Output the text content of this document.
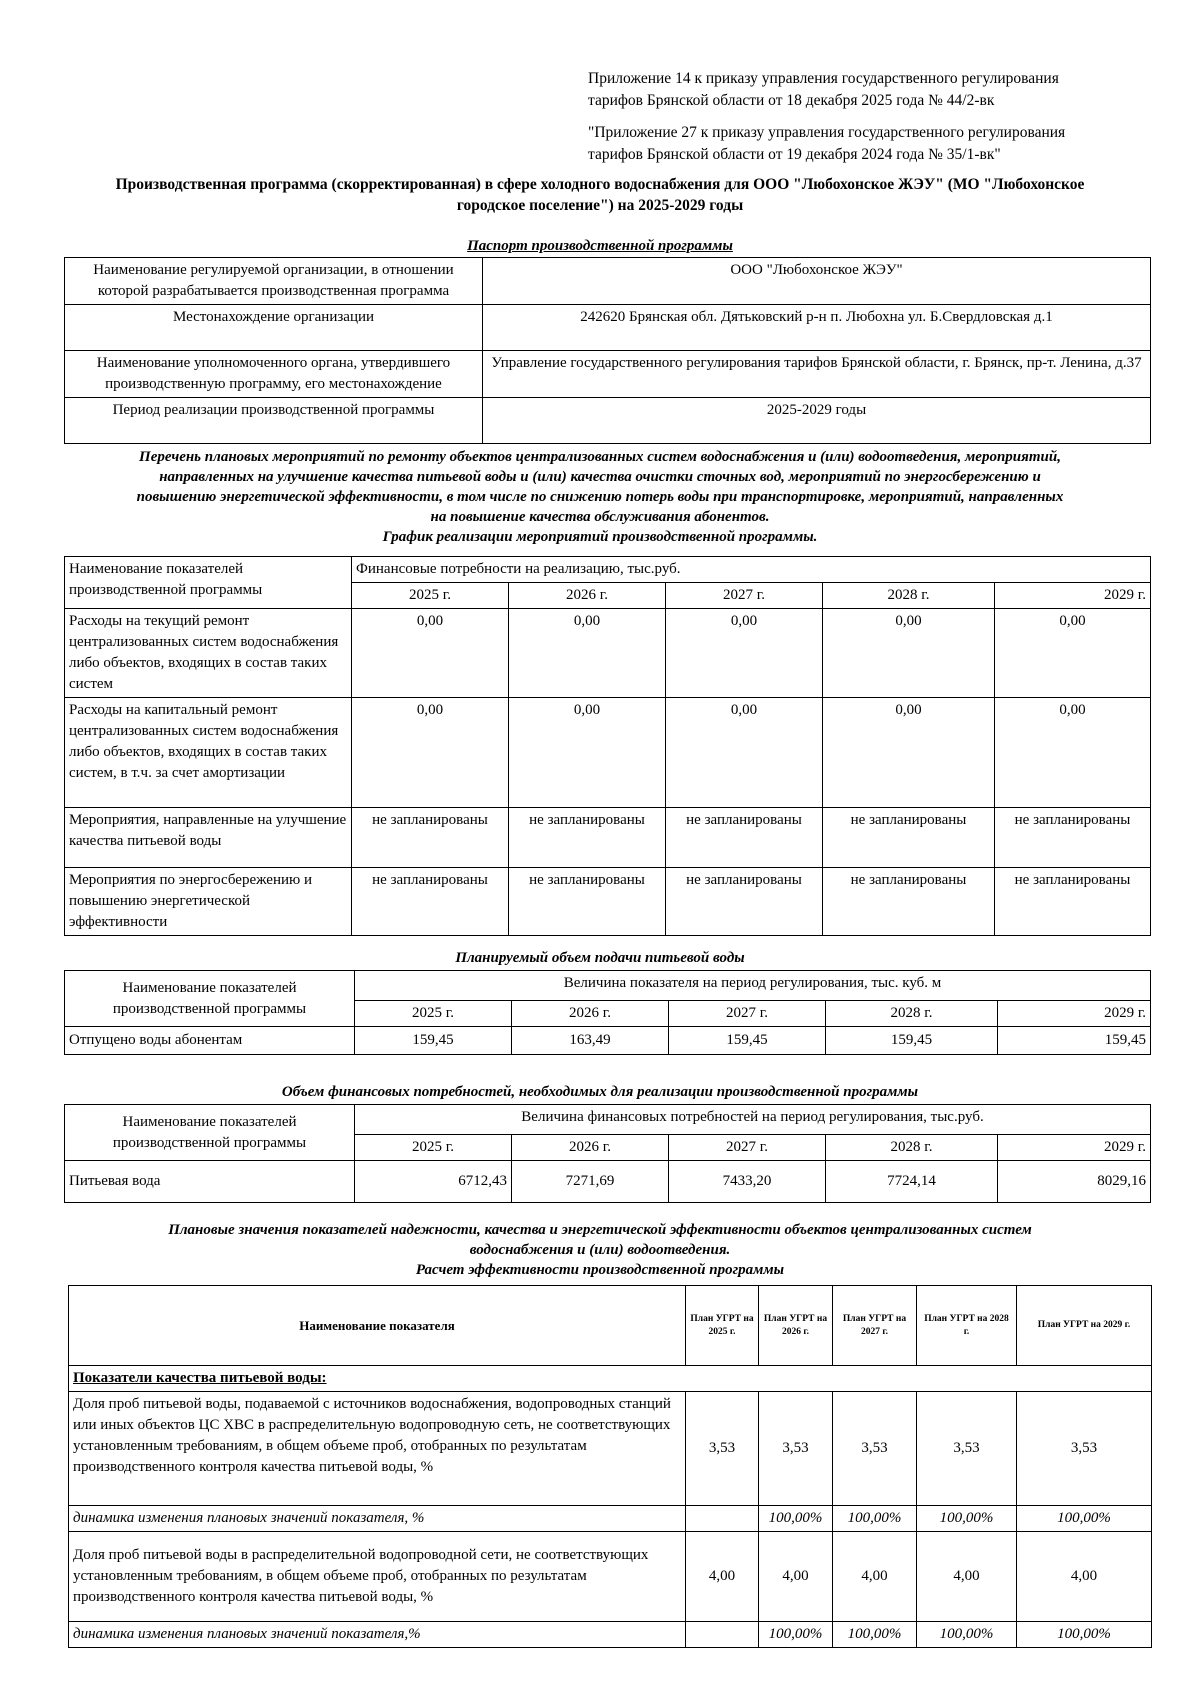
Приложение 14 к приказу управления государственного регулирования
тарифов Брянской области от 18 декабря 2025 года № 44/2-вк
"Приложение 27 к приказу управления государственного регулирования
тарифов Брянской области от 19 декабря 2024 года № 35/1-вк"
Производственная программа (скорректированная) в сфере холодного водоснабжения для ООО "Любохонское ЖЭУ" (МО "Любохонское
городское поселение") на 2025-2029 годы
Паспорт производственной программы
Наименование регулируемой организации, в отношении которой разрабатывается производственная программа	ООО "Любохонское ЖЭУ"
Местонахождение организации	242620 Брянская обл. Дятьковский р-н п. Любохна ул. Б.Свердловская д.1
Наименование уполномоченного органа, утвердившего производственную программу, его местонахождение	Управление государственного регулирования тарифов Брянской области, г. Брянск, пр-т. Ленина, д.37
Период реализации производственной программы	2025-2029 годы
Перечень плановых мероприятий по ремонту объектов централизованных систем водоснабжения и (или) водоотведения, мероприятий,
направленных на улучшение качества питьевой воды и (или) качества очистки сточных вод, мероприятий по энергосбережению и
повышению энергетической эффективности, в том числе по снижению потерь воды при транспортировке, мероприятий, направленных
на повышение качества обслуживания абонентов.
График реализации мероприятий производственной программы.
Наименование показателей производственной программы	Финансовые потребности на реализацию, тыс.руб.				
	2025 г.	2026 г.	2027 г.	2028 г.	2029 г.
Расходы на текущий ремонт централизованных систем водоснабжения либо объектов, входящих в состав таких систем	0,00	0,00	0,00	0,00	0,00
Расходы на капитальный ремонт централизованных систем водоснабжения либо объектов, входящих в состав таких систем, в т.ч. за счет амортизации	0,00	0,00	0,00	0,00	0,00
Мероприятия, направленные на улучшение качества питьевой воды	не запланированы	не запланированы	не запланированы	не запланированы	не запланированы
Мероприятия по энергосбережению и повышению энергетической эффективности	не запланированы	не запланированы	не запланированы	не запланированы	не запланированы
Планируемый объем подачи питьевой воды
Наименование показателей производственной программы	Величина показателя на период регулирования, тыс. куб. м				
	2025 г.	2026 г.	2027 г.	2028 г.	2029 г.
Отпущено воды абонентам	159,45	163,49	159,45	159,45	159,45
Объем финансовых потребностей, необходимых для реализации производственной программы
Наименование показателей производственной программы	Величина финансовых потребностей на период регулирования, тыс.руб.				
	2025 г.	2026 г.	2027 г.	2028 г.	2029 г.
Питьевая вода	6712,43	7271,69	7433,20	7724,14	8029,16
Плановые значения показателей надежности, качества и энергетической эффективности объектов централизованных систем
водоснабжения и (или) водоотведения.
Расчет эффективности производственной программы
Наименование показателя	План УГРТ на 2025 г.	План УГРТ на 2026 г.	План УГРТ на 2027 г.	План УГРТ на 2028 г.	План УГРТ на 2029 г.
Показатели качества питьевой воды:					
Доля проб питьевой воды, подаваемой с источников водоснабжения, водопроводных станций или иных объектов ЦС ХВС в распределительную водопроводную сеть, не соответствующих установленным требованиям, в общем объеме проб, отобранных по результатам производственного контроля качества питьевой воды, %	3,53	3,53	3,53	3,53	3,53
динамика изменения плановых значений показателя, %		100,00%	100,00%	100,00%	100,00%
Доля проб питьевой воды в распределительной водопроводной сети, не соответствующих установленным требованиям, в общем объеме проб, отобранных по результатам производственного контроля качества питьевой воды, %	4,00	4,00	4,00	4,00	4,00
динамика изменения плановых значений показателя,%		100,00%	100,00%	100,00%	100,00%
